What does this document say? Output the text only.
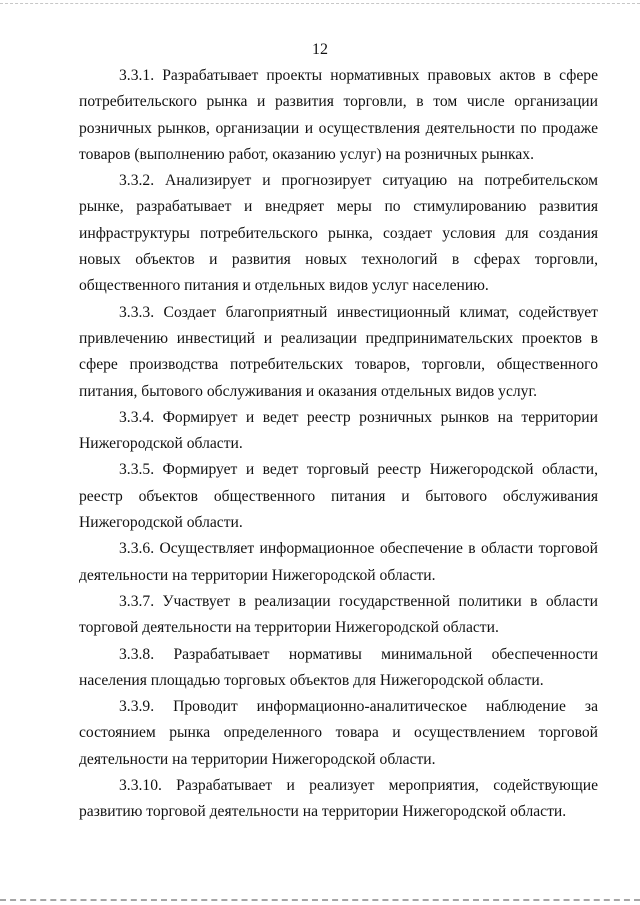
12

3.3.1. Разрабатывает проекты нормативных правовых актов в сфере потребительского рынка и развития торговли, в том числе организации розничных рынков, организации и осуществления деятельности по продаже товаров (выполнению работ, оказанию услуг) на розничных рынках.

3.3.2. Анализирует и прогнозирует ситуацию на потребительском рынке, разрабатывает и внедряет меры по стимулированию развития инфраструктуры потребительского рынка, создает условия для создания новых объектов и развития новых технологий в сферах торговли, общественного питания и отдельных видов услуг населению.

3.3.3. Создает благоприятный инвестиционный климат, содействует привлечению инвестиций и реализации предпринимательских проектов в сфере производства потребительских товаров, торговли, общественного питания, бытового обслуживания и оказания отдельных видов услуг.

3.3.4. Формирует и ведет реестр розничных рынков на территории Нижегородской области.

3.3.5. Формирует и ведет торговый реестр Нижегородской области, реестр объектов общественного питания и бытового обслуживания Нижегородской области.

3.3.6. Осуществляет информационное обеспечение в области торговой деятельности на территории Нижегородской области.

3.3.7. Участвует в реализации государственной политики в области торговой деятельности на территории Нижегородской области.

3.3.8. Разрабатывает нормативы минимальной обеспеченности населения площадью торговых объектов для Нижегородской области.

3.3.9. Проводит информационно-аналитическое наблюдение за состоянием рынка определенного товара и осуществлением торговой деятельности на территории Нижегородской области.

3.3.10. Разрабатывает и реализует мероприятия, содействующие развитию торговой деятельности на территории Нижегородской области.
